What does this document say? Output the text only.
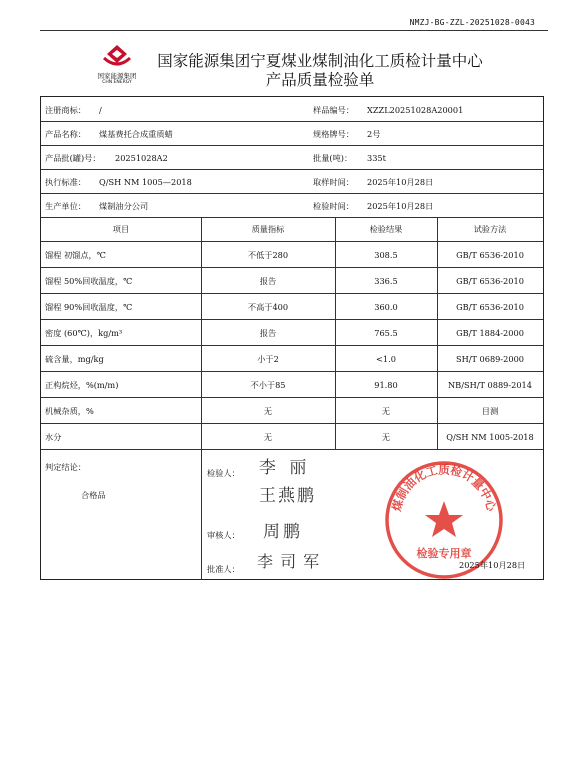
NMZJ-BG-ZZL-20251028-0043
国家能源集团
CHN ENERGY
国家能源集团宁夏煤业煤制油化工质检计量中心
产品质量检验单
注册商标： /	样品编号： XZZL20251028A20001
产品名称： 煤基费托合成重质蜡	规格牌号： 2号
产品批(罐)号： 20251028A2	批量(吨)： 335t
执行标准： Q/SH NM 1005—2018	取样时间： 2025年10月28日
生产单位： 煤制油分公司	检验时间： 2025年10月28日
项目	质量指标	检验结果	试验方法
馏程 初馏点，℃	不低于280	308.5	GB/T 6536-2010
馏程 50%回收温度，℃	报告	336.5	GB/T 6536-2010
馏程 90%回收温度，℃	不高于400	360.0	GB/T 6536-2010
密度 (60℃)，kg/m³	报告	765.5	GB/T 1884-2000
硫含量，mg/kg	小于2	<1.0	SH/T 0689-2000
正构烷烃，%(m/m)	不小于85	91.80	NB/SH/T 0889-2014
机械杂质，%	无	无	目测
水分	无	无	Q/SH NM 1005-2018
判定结论：
合格品
检验人： 李 丽
王燕鹏
审核人： 周鹏
批准人： 李 司 军
煤制油化工质检计量中心
检验专用章
2025年10月28日
